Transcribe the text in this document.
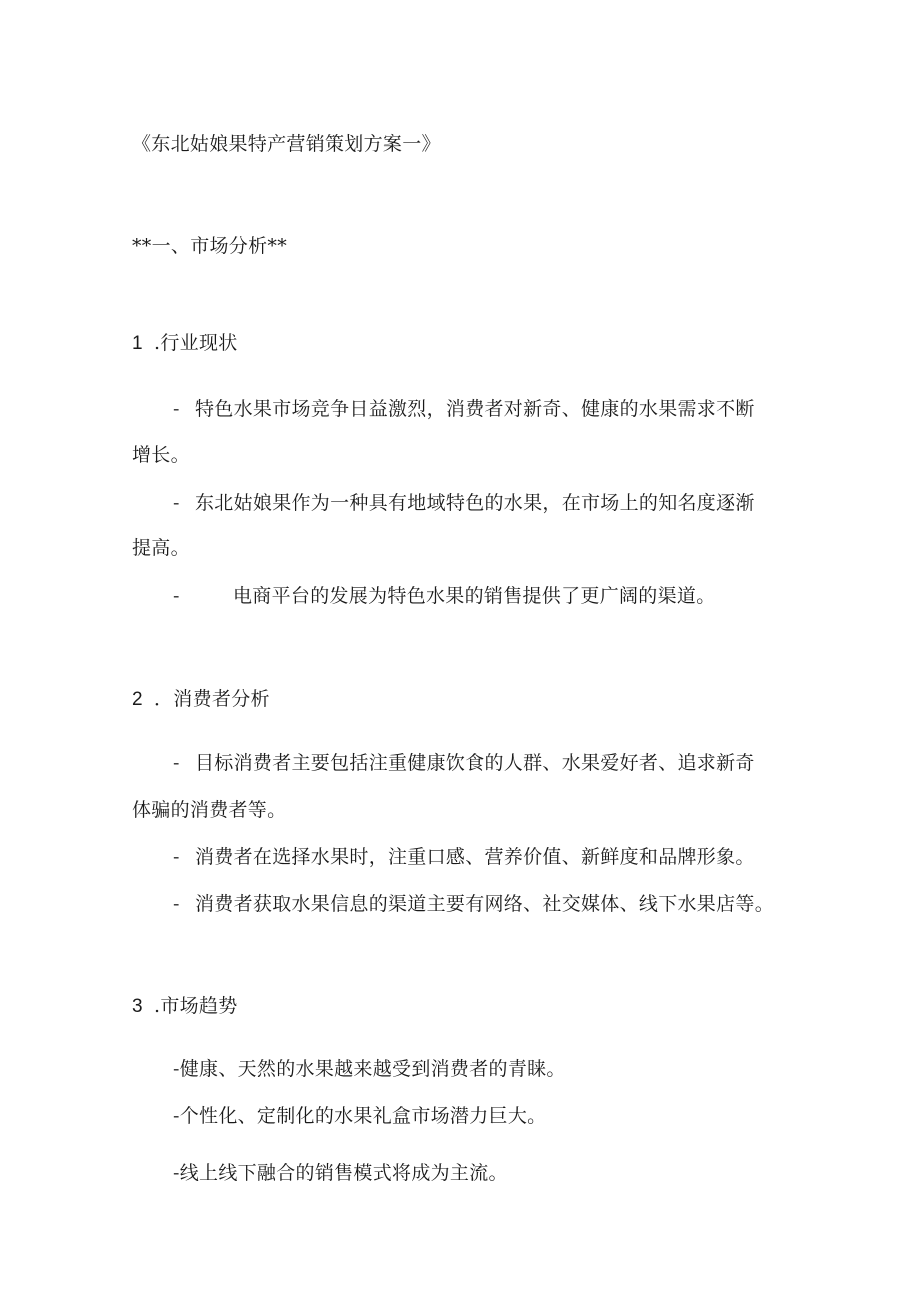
《东北姑娘果特产营销策划方案一》
**一、市场分析**
1 .行业现状
- 特色水果市场竞争日益激烈，消费者对新奇、健康的水果需求不断
增长。
- 东北姑娘果作为一种具有地域特色的水果，在市场上的知名度逐渐
提高。
-	电商平台的发展为特色水果的销售提供了更广阔的渠道。
2 ．消费者分析
- 目标消费者主要包括注重健康饮食的人群、水果爱好者、追求新奇
体骗的消费者等。
- 消费者在选择水果时，注重口感、营养价值、新鲜度和品牌形象。
- 消费者获取水果信息的渠道主要有网络、社交媒体、线下水果店等。
3 .市场趋势
-健康、天然的水果越来越受到消费者的青睐。
-个性化、定制化的水果礼盒市场潜力巨大。
-线上线下融合的销售模式将成为主流。
